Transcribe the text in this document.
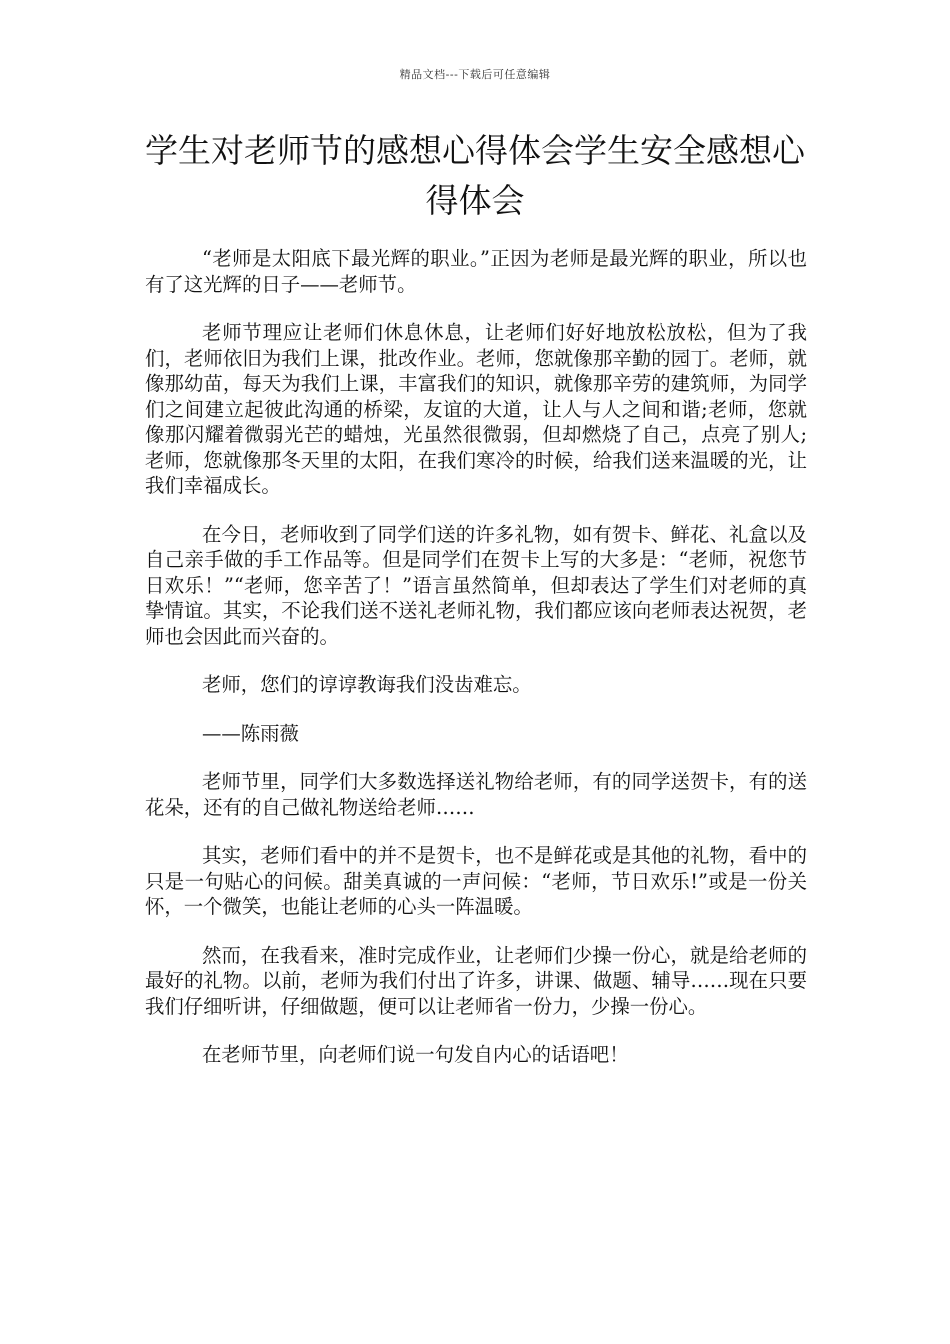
精品文档---下载后可任意编辑
学生对老师节的感想心得体会学生安全感想心得体会

“老师是太阳底下最光辉的职业。”正因为老师是最光辉的职业，所以也有了这光辉的日子——老师节。

老师节理应让老师们休息休息，让老师们好好地放松放松，但为了我们，老师依旧为我们上课，批改作业。老师，您就像那辛勤的园丁。老师，就像那幼苗，每天为我们上课，丰富我们的知识，就像那辛劳的建筑师，为同学们之间建立起彼此沟通的桥梁，友谊的大道，让人与人之间和谐;老师，您就像那闪耀着微弱光芒的蜡烛，光虽然很微弱，但却燃烧了自己，点亮了别人;老师，您就像那冬天里的太阳，在我们寒冷的时候，给我们送来温暖的光，让我们幸福成长。

在今日，老师收到了同学们送的许多礼物，如有贺卡、鲜花、礼盒以及自己亲手做的手工作品等。但是同学们在贺卡上写的大多是：“老师，祝您节日欢乐！”“老师，您辛苦了！”语言虽然简单，但却表达了学生们对老师的真挚情谊。其实，不论我们送不送礼老师礼物，我们都应该向老师表达祝贺，老师也会因此而兴奋的。

老师，您们的谆谆教诲我们没齿难忘。

——陈雨薇

老师节里，同学们大多数选择送礼物给老师，有的同学送贺卡，有的送花朵，还有的自己做礼物送给老师……

其实，老师们看中的并不是贺卡，也不是鲜花或是其他的礼物，看中的只是一句贴心的问候。甜美真诚的一声问候：“老师，节日欢乐!”或是一份关怀，一个微笑，也能让老师的心头一阵温暖。

然而，在我看来，准时完成作业，让老师们少操一份心，就是给老师的最好的礼物。以前，老师为我们付出了许多，讲课、做题、辅导……现在只要我们仔细听讲，仔细做题，便可以让老师省一份力，少操一份心。

在老师节里，向老师们说一句发自内心的话语吧！
